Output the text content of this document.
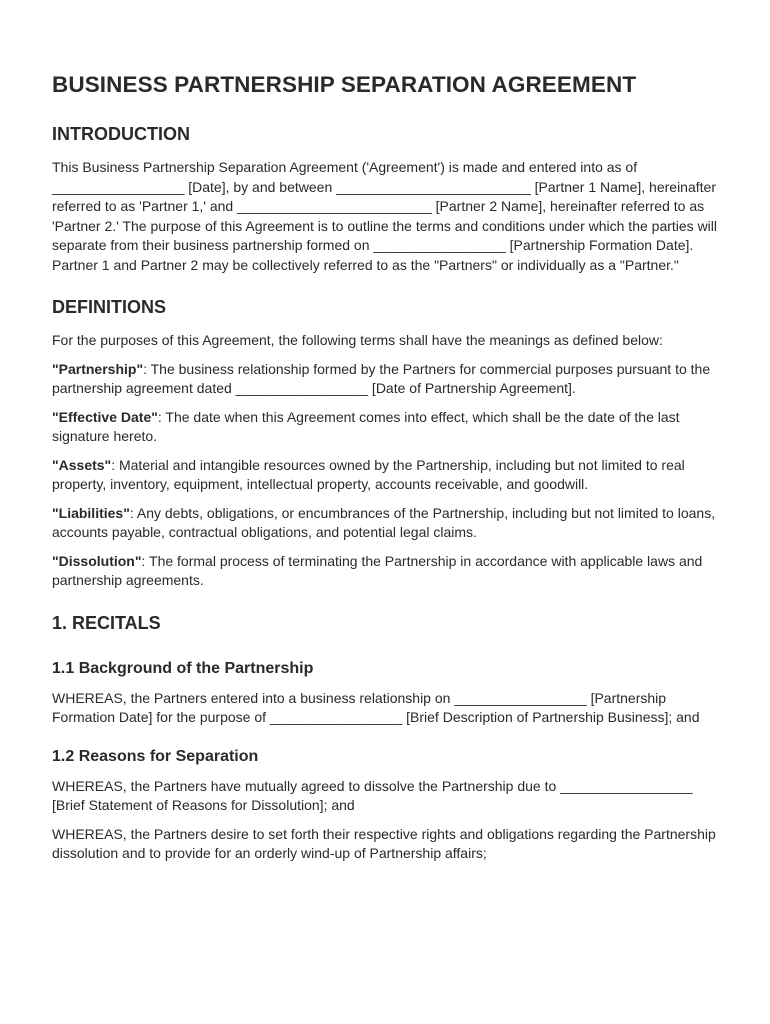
BUSINESS PARTNERSHIP SEPARATION AGREEMENT
INTRODUCTION

This Business Partnership Separation Agreement ('Agreement') is made and entered into as of _________________ [Date], by and between _________________________ [Partner 1 Name], hereinafter referred to as 'Partner 1,' and _________________________ [Partner 2 Name], hereinafter referred to as 'Partner 2.' The purpose of this Agreement is to outline the terms and conditions under which the parties will separate from their business partnership formed on _________________ [Partnership Formation Date]. Partner 1 and Partner 2 may be collectively referred to as the "Partners" or individually as a "Partner."

DEFINITIONS

For the purposes of this Agreement, the following terms shall have the meanings as defined below:

"Partnership": The business relationship formed by the Partners for commercial purposes pursuant to the partnership agreement dated _________________ [Date of Partnership Agreement].

"Effective Date": The date when this Agreement comes into effect, which shall be the date of the last signature hereto.

"Assets": Material and intangible resources owned by the Partnership, including but not limited to real property, inventory, equipment, intellectual property, accounts receivable, and goodwill.

"Liabilities": Any debts, obligations, or encumbrances of the Partnership, including but not limited to loans, accounts payable, contractual obligations, and potential legal claims.

"Dissolution": The formal process of terminating the Partnership in accordance with applicable laws and partnership agreements.

1. RECITALS
1.1 Background of the Partnership

WHEREAS, the Partners entered into a business relationship on _________________ [Partnership Formation Date] for the purpose of _________________ [Brief Description of Partnership Business]; and

1.2 Reasons for Separation

WHEREAS, the Partners have mutually agreed to dissolve the Partnership due to _________________ [Brief Statement of Reasons for Dissolution]; and

WHEREAS, the Partners desire to set forth their respective rights and obligations regarding the Partnership dissolution and to provide for an orderly wind-up of Partnership affairs;
